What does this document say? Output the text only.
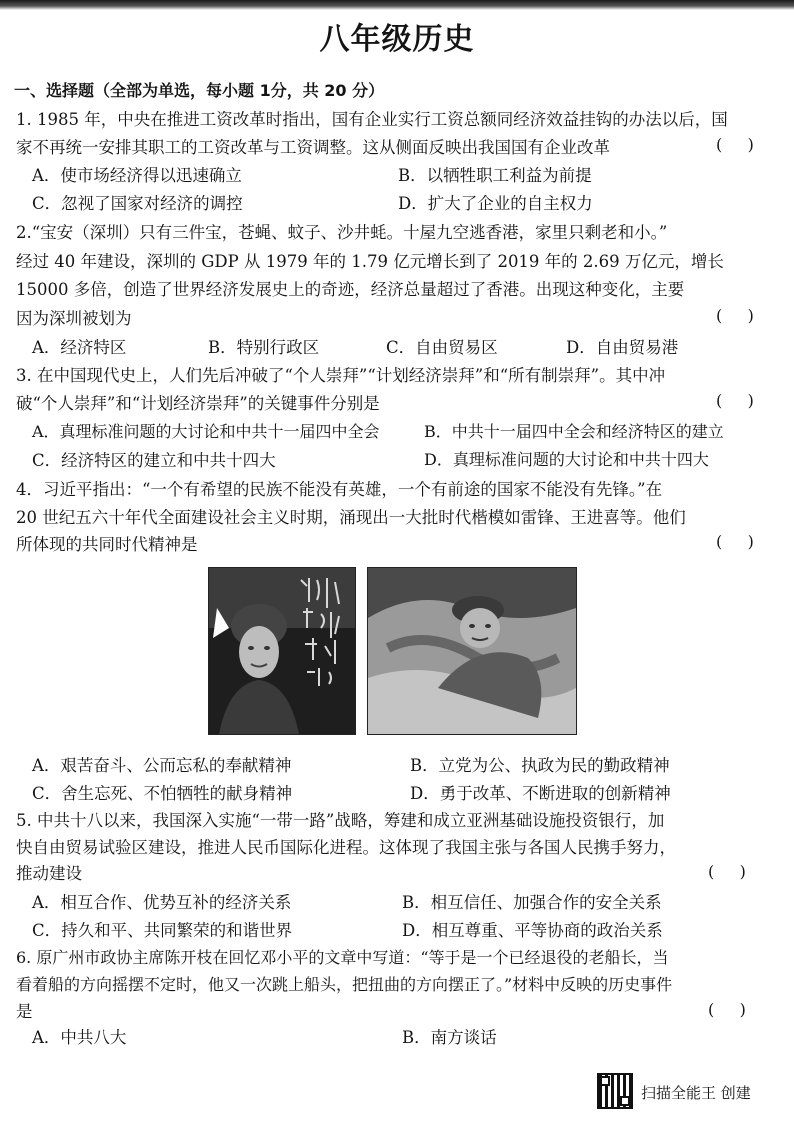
八年级历史
一、选择题（全部为单选，每小题 1分，共 20 分）
1. 1985 年，中央在推进工资改革时指出，国有企业实行工资总额同经济效益挂钩的办法以后，国
家不再统一安排其职工的工资改革与工资调整。这从侧面反映出我国国有企业改革	(     )
A．使市场经济得以迅速确立	B．以牺牲职工利益为前提
C．忽视了国家对经济的调控	D．扩大了企业的自主权力
2.“宝安（深圳）只有三件宝，苍蝇、蚊子、沙井蚝。十屋九空逃香港，家里只剩老和小。”
经过 40 年建设，深圳的 GDP 从 1979 年的 1.79 亿元增长到了 2019 年的 2.69 万亿元，增长
15000 多倍，创造了世界经济发展史上的奇迹，经济总量超过了香港。出现这种变化，主要
因为深圳被划为	(     )
A．经济特区	B．特别行政区	C．自由贸易区	D．自由贸易港
3. 在中国现代史上，人们先后冲破了“个人崇拜”“计划经济崇拜”和“所有制崇拜”。其中冲
破“个人崇拜”和“计划经济崇拜”的关键事件分别是	(     )
A．真理标准问题的大讨论和中共十一届四中全会	B．中共十一届四中全会和经济特区的建立
C．经济特区的建立和中共十四大	D．真理标准问题的大讨论和中共十四大
4．习近平指出：“一个有希望的民族不能没有英雄，一个有前途的国家不能没有先锋。”在
20 世纪五六十年代全面建设社会主义时期，涌现出一大批时代楷模如雷锋、王进喜等。他们
所体现的共同时代精神是	(     )
A．艰苦奋斗、公而忘私的奉献精神	B．立党为公、执政为民的勤政精神
C．舍生忘死、不怕牺牲的献身精神	D．勇于改革、不断进取的创新精神
5. 中共十八以来，我国深入实施“一带一路”战略，筹建和成立亚洲基础设施投资银行，加
快自由贸易试验区建设，推进人民币国际化进程。这体现了我国主张与各国人民携手努力，
推动建设	(     )
A．相互合作、优势互补的经济关系	B．相互信任、加强合作的安全关系
C．持久和平、共同繁荣的和谐世界	D．相互尊重、平等协商的政治关系
6. 原广州市政协主席陈开枝在回忆邓小平的文章中写道：“等于是一个已经退役的老船长，当
看着船的方向摇摆不定时，他又一次跳上船头，把扭曲的方向摆正了。”材料中反映的历史事件
是	(     )
A．中共八大	B．南方谈话
扫描全能王 创建
